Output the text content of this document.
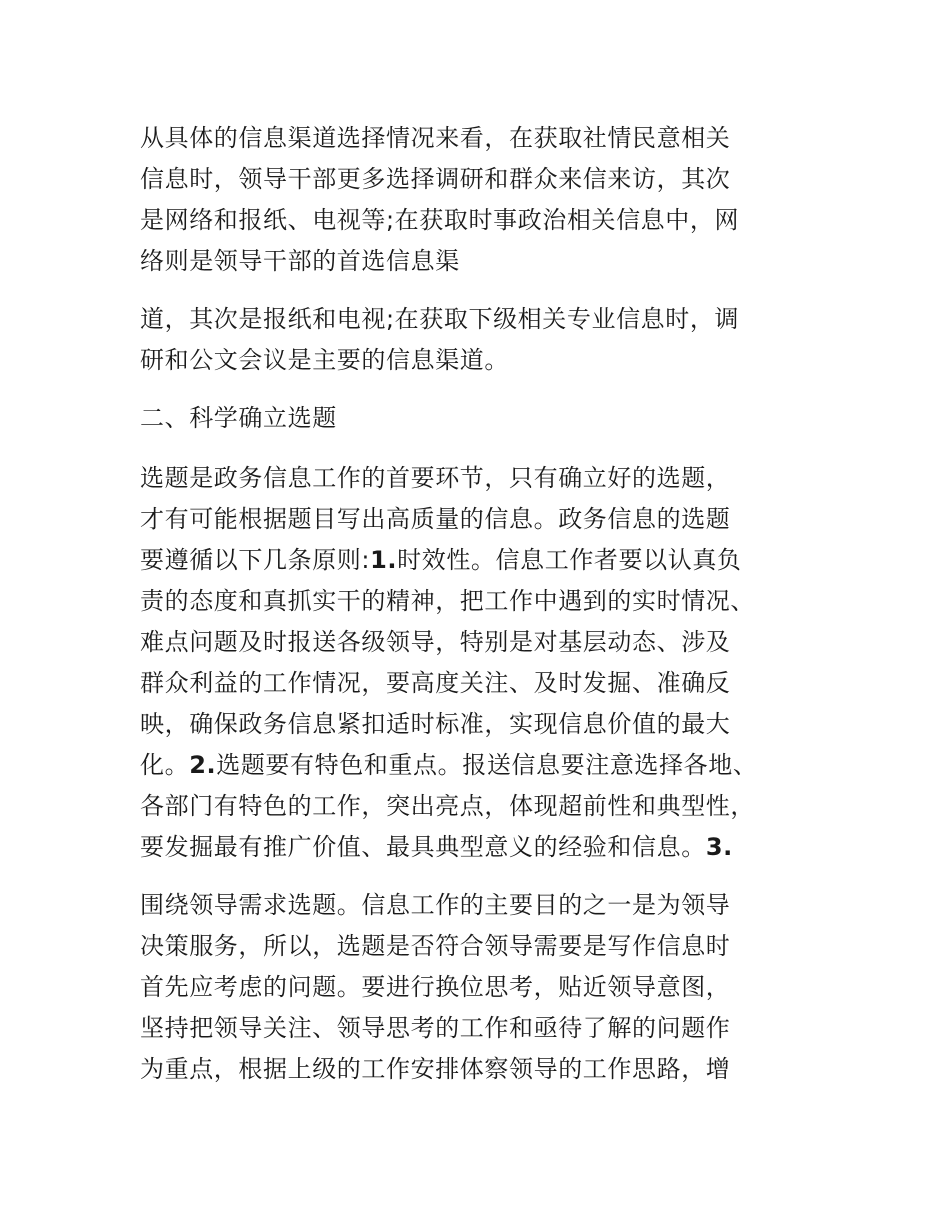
从具体的信息渠道选择情况来看，在获取社情民意相关
信息时，领导干部更多选择调研和群众来信来访，其次
是网络和报纸、电视等;在获取时事政治相关信息中，网
络则是领导干部的首选信息渠
道，其次是报纸和电视;在获取下级相关专业信息时，调
研和公文会议是主要的信息渠道。
二、科学确立选题
选题是政务信息工作的首要环节，只有确立好的选题，
才有可能根据题目写出高质量的信息。政务信息的选题
要遵循以下几条原则:1.时效性。信息工作者要以认真负
责的态度和真抓实干的精神，把工作中遇到的实时情况、
难点问题及时报送各级领导，特别是对基层动态、涉及
群众利益的工作情况，要高度关注、及时发掘、准确反
映，确保政务信息紧扣适时标准，实现信息价值的最大
化。2.选题要有特色和重点。报送信息要注意选择各地、
各部门有特色的工作，突出亮点，体现超前性和典型性，
要发掘最有推广价值、最具典型意义的经验和信息。3.
围绕领导需求选题。信息工作的主要目的之一是为领导
决策服务，所以，选题是否符合领导需要是写作信息时
首先应考虑的问题。要进行换位思考，贴近领导意图，
坚持把领导关注、领导思考的工作和亟待了解的问题作
为重点，根据上级的工作安排体察领导的工作思路，增
